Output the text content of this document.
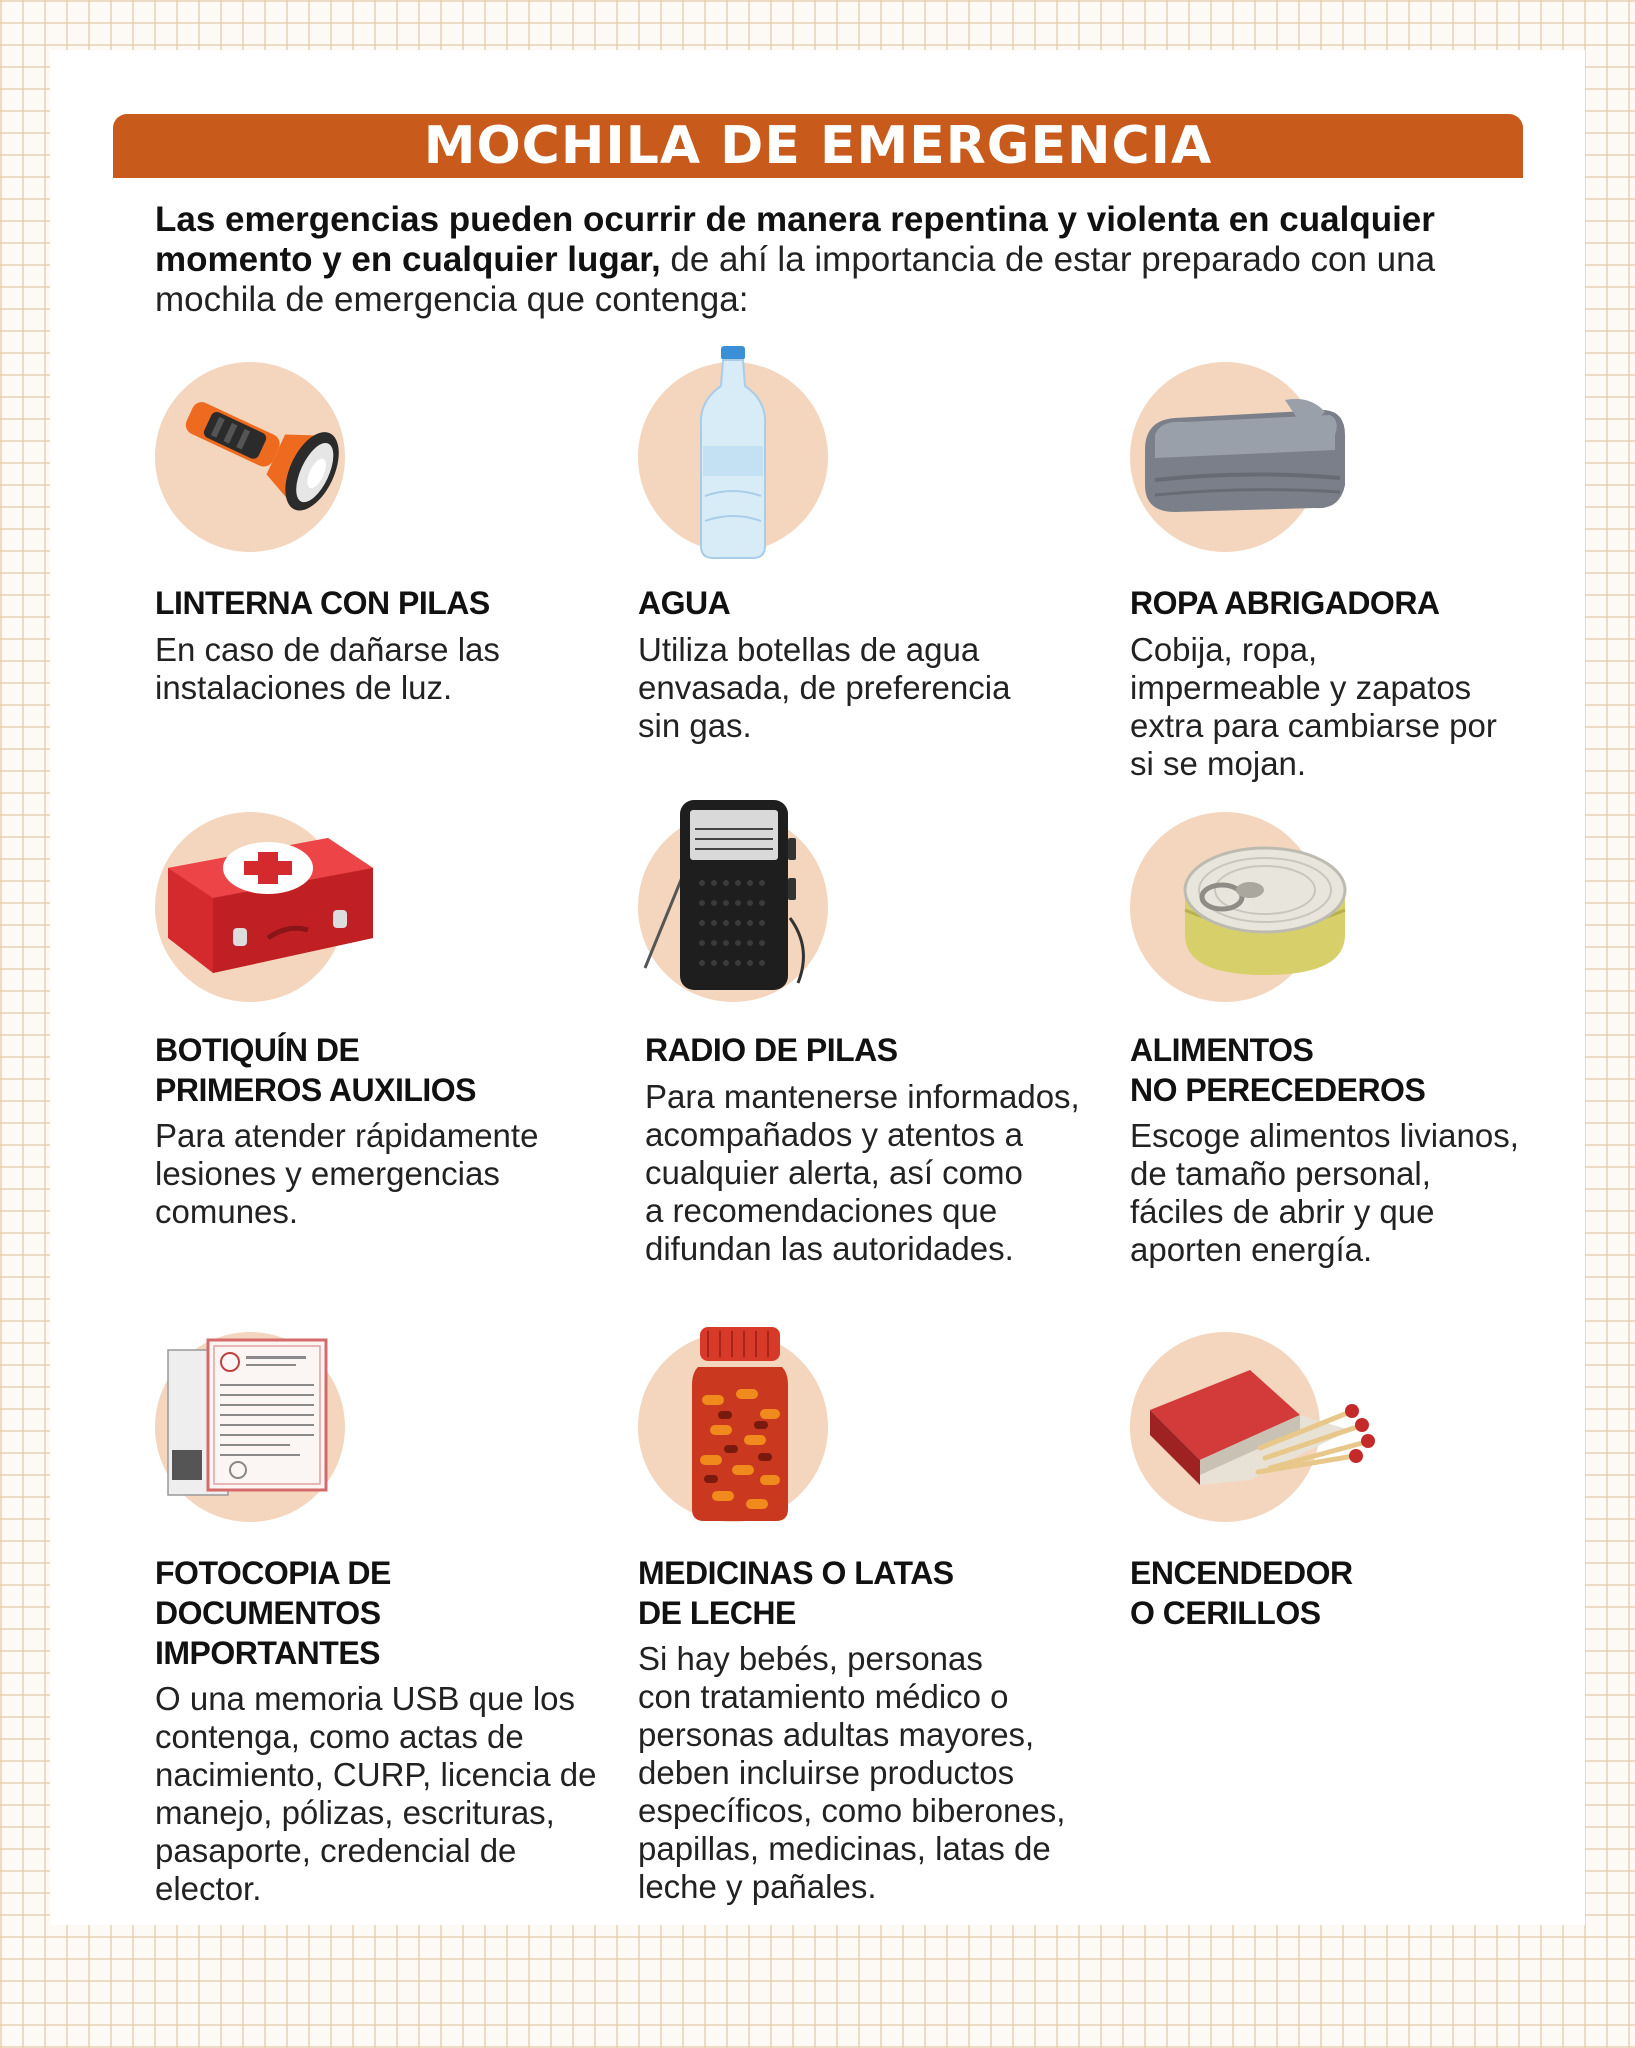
MOCHILA DE EMERGENCIA
Las emergencias pueden ocurrir de manera repentina y violenta en cualquier momento y en cualquier lugar, de ahí la importancia de estar preparado con una mochila de emergencia que contenga:
LINTERNA CON PILAS
En caso de dañarse las
instalaciones de luz.
AGUA
Utiliza botellas de agua
envasada, de preferencia
sin gas.
ROPA ABRIGADORA
Cobija, ropa,
impermeable y zapatos
extra para cambiarse por
si se mojan.
BOTIQUÍN DE
PRIMEROS AUXILIOS
Para atender rápidamente
lesiones y emergencias
comunes.
RADIO DE PILAS
Para mantenerse informados,
acompañados y atentos a
cualquier alerta, así como
a recomendaciones que
difundan las autoridades.
ALIMENTOS
NO PERECEDEROS
Escoge alimentos livianos,
de tamaño personal,
fáciles de abrir y que
aporten energía.
FOTOCOPIA DE
DOCUMENTOS
IMPORTANTES
O una memoria USB que los
contenga, como actas de
nacimiento, CURP, licencia de
manejo, pólizas, escrituras,
pasaporte, credencial de
elector.
MEDICINAS O LATAS
DE LECHE
Si hay bebés, personas
con tratamiento médico o
personas adultas mayores,
deben incluirse productos
específicos, como biberones,
papillas, medicinas, latas de
leche y pañales.
ENCENDEDOR
O CERILLOS
